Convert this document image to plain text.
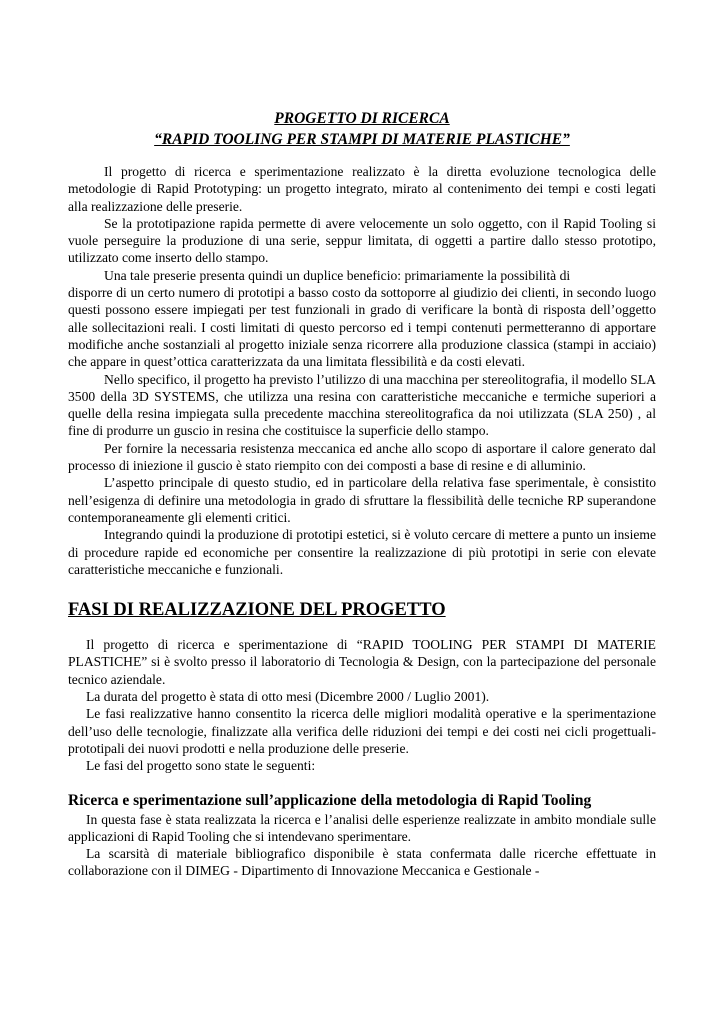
PROGETTO DI RICERCA

“RAPID TOOLING PER STAMPI DI MATERIE PLASTICHE”

Il progetto di ricerca e sperimentazione realizzato è la diretta evoluzione tecnologica delle metodologie di Rapid Prototyping: un progetto integrato, mirato al contenimento dei tempi e costi legati alla realizzazione delle preserie.

Se la prototipazione rapida permette di avere velocemente un solo oggetto, con il Rapid Tooling si vuole perseguire la produzione di una serie, seppur limitata, di oggetti a partire dallo stesso prototipo, utilizzato come inserto dello stampo.

Una tale preserie presenta quindi un duplice beneficio: primariamente la possibilità di

disporre di un certo numero di prototipi a basso costo da sottoporre al giudizio dei clienti, in secondo luogo questi possono essere impiegati per test funzionali in grado di verificare la bontà di risposta dell’oggetto alle sollecitazioni reali. I costi limitati di questo percorso ed i tempi contenuti permetteranno di apportare modifiche anche sostanziali al progetto iniziale senza ricorrere alla produzione classica (stampi in acciaio) che appare in quest’ottica caratterizzata da una limitata flessibilità e da costi elevati.

Nello specifico, il progetto ha previsto l’utilizzo di una macchina per stereolitografia, il modello SLA 3500 della 3D SYSTEMS, che utilizza una resina con caratteristiche meccaniche e termiche superiori a quelle della resina impiegata sulla precedente macchina stereolitografica da noi utilizzata (SLA 250) , al fine di produrre un guscio in resina che costituisce la superficie dello stampo.

Per fornire la necessaria resistenza meccanica ed anche allo scopo di asportare il calore generato dal processo di iniezione il guscio è stato riempito con dei composti a base di resine e di alluminio.

L’aspetto principale di questo studio, ed in particolare della relativa fase sperimentale, è consistito nell’esigenza di definire una metodologia in grado di sfruttare la flessibilità delle tecniche RP superandone contemporaneamente gli elementi critici.

Integrando quindi la produzione di prototipi estetici, si è voluto cercare di mettere a punto un insieme di procedure rapide ed economiche per consentire la realizzazione di più prototipi in serie con elevate caratteristiche meccaniche e funzionali.

FASI DI REALIZZAZIONE DEL PROGETTO

Il progetto di ricerca e sperimentazione di “RAPID TOOLING PER STAMPI DI MATERIE PLASTICHE” si è svolto presso il laboratorio di Tecnologia & Design, con la partecipazione del personale tecnico aziendale.

La durata del progetto è stata di otto mesi (Dicembre 2000 / Luglio 2001).

Le fasi realizzative hanno consentito la ricerca delle migliori modalità operative e la sperimentazione dell’uso delle tecnologie, finalizzate alla verifica delle riduzioni dei tempi e dei costi nei cicli progettuali-prototipali dei nuovi prodotti e nella produzione delle preserie.

Le fasi del progetto sono state le seguenti:

Ricerca e sperimentazione sull’applicazione della metodologia di Rapid Tooling

In questa fase è stata realizzata la ricerca e l’analisi delle esperienze realizzate in ambito mondiale sulle applicazioni di Rapid Tooling che si intendevano sperimentare.

La scarsità di materiale bibliografico disponibile è stata confermata dalle ricerche effettuate in collaborazione con il DIMEG - Dipartimento di Innovazione Meccanica e Gestionale -
